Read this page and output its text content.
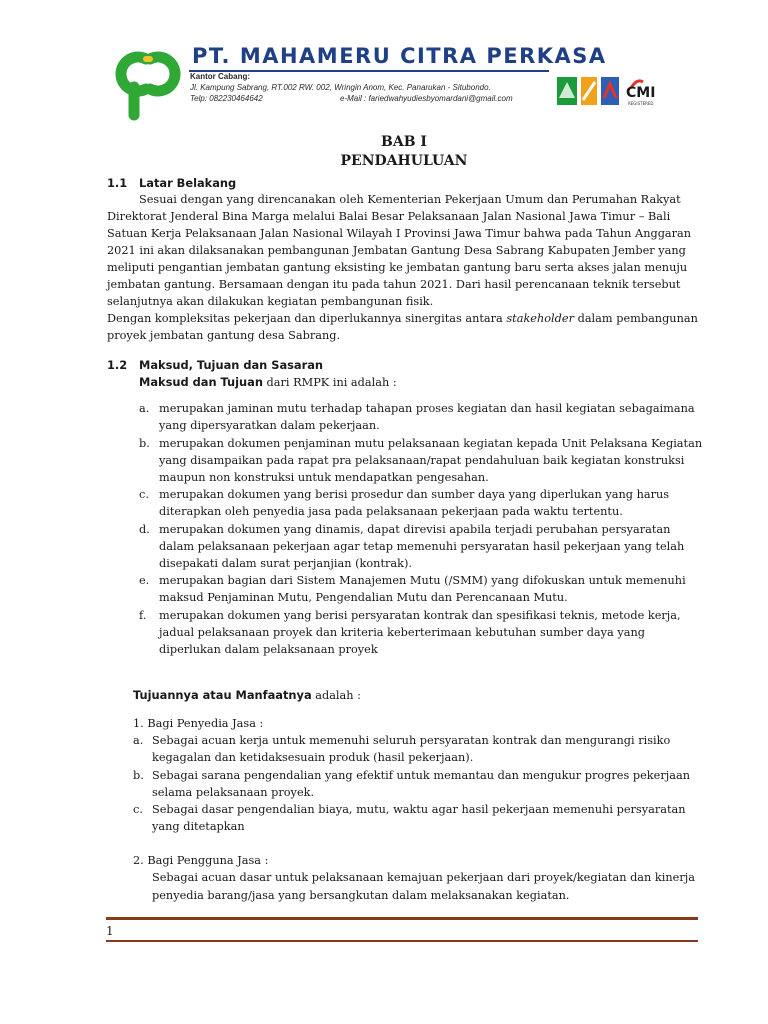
PT. MAHAMERU CITRA PERKASA
Kantor Cabang:
Jl. Kampung Sabrang, RT.002 RW. 002, Wringin Anom, Kec. Panarukan - Situbondo.
Telp: 082230464642	e-Mail : fariedwahyudiesbyomardani@gmail.com	CMI
REGISTERED
BAB I
PENDAHULUAN
1.1 Latar Belakang
Sesuai dengan yang direncanakan oleh Kementerian Pekerjaan Umum dan Perumahan Rakyat
Direktorat Jenderal Bina Marga melalui Balai Besar Pelaksanaan Jalan Nasional Jawa Timur – Bali
Satuan Kerja Pelaksanaan Jalan Nasional Wilayah I Provinsi Jawa Timur bahwa pada Tahun Anggaran
2021 ini akan dilaksanakan pembangunan Jembatan Gantung Desa Sabrang Kabupaten Jember yang
meliputi pengantian jembatan gantung eksisting ke jembatan gantung baru serta akses jalan menuju
jembatan gantung. Bersamaan dengan itu pada tahun 2021. Dari hasil perencanaan teknik tersebut
selanjutnya akan dilakukan kegiatan pembangunan fisik.
Dengan kompleksitas pekerjaan dan diperlukannya sinergitas antara stakeholder dalam pembangunan
proyek jembatan gantung desa Sabrang.
1.2 Maksud, Tujuan dan Sasaran
Maksud dan Tujuan dari RMPK ini adalah :
a. merupakan jaminan mutu terhadap tahapan proses kegiatan dan hasil kegiatan sebagaimana
yang dipersyaratkan dalam pekerjaan.
b. merupakan dokumen penjaminan mutu pelaksanaan kegiatan kepada Unit Pelaksana Kegiatan
yang disampaikan pada rapat pra pelaksanaan/rapat pendahuluan baik kegiatan konstruksi
maupun non konstruksi untuk mendapatkan pengesahan.
c. merupakan dokumen yang berisi prosedur dan sumber daya yang diperlukan yang harus
diterapkan oleh penyedia jasa pada pelaksanaan pekerjaan pada waktu tertentu.
d. merupakan dokumen yang dinamis, dapat direvisi apabila terjadi perubahan persyaratan
dalam pelaksanaan pekerjaan agar tetap memenuhi persyaratan hasil pekerjaan yang telah
disepakati dalam surat perjanjian (kontrak).
e. merupakan bagian dari Sistem Manajemen Mutu (/SMM) yang difokuskan untuk memenuhi
maksud Penjaminan Mutu, Pengendalian Mutu dan Perencanaan Mutu.
f. merupakan dokumen yang berisi persyaratan kontrak dan spesifikasi teknis, metode kerja,
jadual pelaksanaan proyek dan kriteria keberterimaan kebutuhan sumber daya yang
diperlukan dalam pelaksanaan proyek
Tujuannya atau Manfaatnya adalah :
1. Bagi Penyedia Jasa :
a. Sebagai acuan kerja untuk memenuhi seluruh persyaratan kontrak dan mengurangi risiko
kegagalan dan ketidaksesuain produk (hasil pekerjaan).
b. Sebagai sarana pengendalian yang efektif untuk memantau dan mengukur progres pekerjaan
selama pelaksanaan proyek.
c. Sebagai dasar pengendalian biaya, mutu, waktu agar hasil pekerjaan memenuhi persyaratan
yang ditetapkan
2. Bagi Pengguna Jasa :
Sebagai acuan dasar untuk pelaksanaan kemajuan pekerjaan dari proyek/kegiatan dan kinerja
penyedia barang/jasa yang bersangkutan dalam melaksanakan kegiatan.
1
